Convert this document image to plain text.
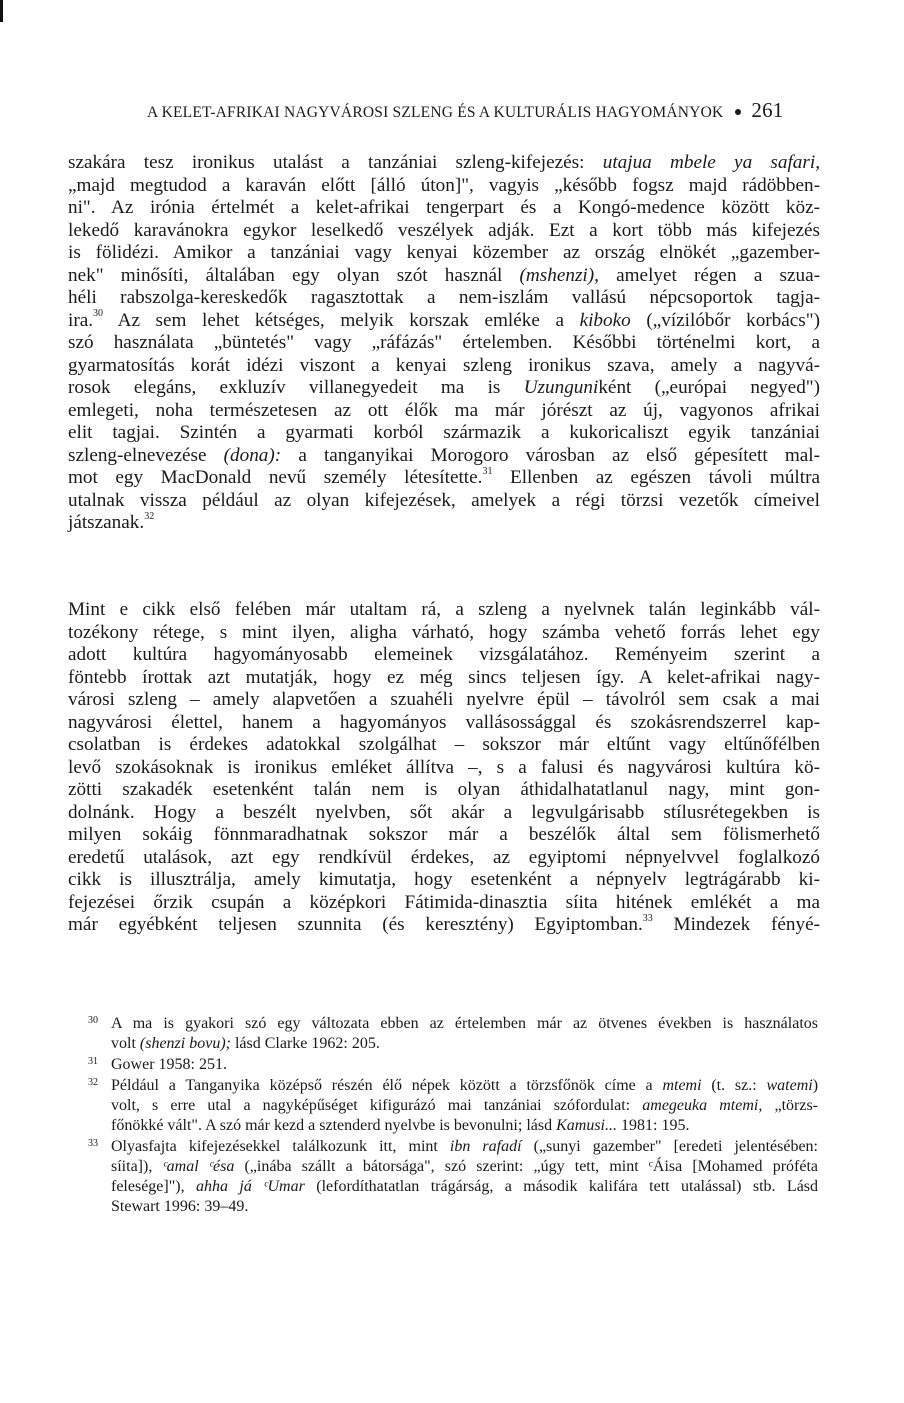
A KELET-AFRIKAI NAGYVÁROSI SZLENG ÉS A KULTURÁLIS HAGYOMÁNYOK 261
szakára tesz ironikus utalást a tanzániai szleng-kifejezés: utajua mbele ya safari,
„majd megtudod a karaván előtt [álló úton]", vagyis „később fogsz majd rádöbben-
ni". Az irónia értelmét a kelet-afrikai tengerpart és a Kongó-medence között köz-
lekedő karavánokra egykor leselkedő veszélyek adják. Ezt a kort több más kifejezés
is fölidézi. Amikor a tanzániai vagy kenyai közember az ország elnökét „gazember-
nek" minősíti, általában egy olyan szót használ (mshenzi), amelyet régen a szua-
héli rabszolga-kereskedők ragasztottak a nem-iszlám vallású népcsoportok tagja-
ira.$^{30}$ Az sem lehet kétséges, melyik korszak emléke a kiboko („vízilóbőr korbács")
szó használata „büntetés" vagy „ráfázás" értelemben. Későbbi történelmi kort, a
gyarmatosítás korát idézi viszont a kenyai szleng ironikus szava, amely a nagyvá-
rosok elegáns, exkluzív villanegyedeit ma is Uzunguniként („európai negyed")
emlegeti, noha természetesen az ott élők ma már jórészt az új, vagyonos afrikai
elit tagjai. Szintén a gyarmati korból származik a kukoricaliszt egyik tanzániai
szleng-elnevezése (dona): a tanganyikai Morogoro városban az első gépesített mal-
mot egy MacDonald nevű személy létesítette.$^{31}$ Ellenben az egészen távoli múltra
utalnak vissza például az olyan kifejezések, amelyek a régi törzsi vezetők címeivel
játszanak.$^{32}$
Mint e cikk első felében már utaltam rá, a szleng a nyelvnek talán leginkább vál-
tozékony rétege, s mint ilyen, aligha várható, hogy számba vehető forrás lehet egy
adott kultúra hagyományosabb elemeinek vizsgálatához. Reményeim szerint a
föntebb írottak azt mutatják, hogy ez még sincs teljesen így. A kelet-afrikai nagy-
városi szleng – amely alapvetően a szuahéli nyelvre épül – távolról sem csak a mai
nagyvárosi élettel, hanem a hagyományos vallásossággal és szokásrendszerrel kap-
csolatban is érdekes adatokkal szolgálhat – sokszor már eltűnt vagy eltűnőfélben
levő szokásoknak is ironikus emléket állítva –, s a falusi és nagyvárosi kultúra kö-
zötti szakadék esetenként talán nem is olyan áthidalhatatlanul nagy, mint gon-
dolnánk. Hogy a beszélt nyelvben, sőt akár a legvulgárisabb stílusrétegekben is
milyen sokáig fönnmaradhatnak sokszor már a beszélők által sem fölismerhető
eredetű utalások, azt egy rendkívül érdekes, az egyiptomi népnyelvvel foglalkozó
cikk is illusztrálja, amely kimutatja, hogy esetenként a népnyelv legtrágárabb ki-
fejezései őrzik csupán a középkori Fátimida-dinasztia síita hitének emlékét a ma
már egyébként teljesen szunnita (és keresztény) Egyiptomban.$^{33}$ Mindezek fényé-
30 A ma is gyakori szó egy változata ebben az értelemben már az ötvenes években is használatos
volt (shenzi bovu); lásd Clarke 1962: 205.
31 Gower 1958: 251.
32 Például a Tanganyika középső részén élő népek között a törzsfőnök címe a mtemi (t. sz.: watemi)
volt, s erre utal a nagyképűséget kifigurázó mai tanzániai szófordulat: amegeuka mtemi, „törzs-
főnökké vált". A szó már kezd a sztenderd nyelvbe is bevonulni; lásd Kamusi... 1981: 195.
33 Olyasfajta kifejezésekkel találkozunk itt, mint ibn rafadí („sunyi gazember" [eredeti jelentésében:
síita]), ᶜamal ᶜésa („inába szállt a bátorsága", szó szerint: „úgy tett, mint ᶜÁisa [Mohamed próféta
felesége]"), ahha já ᶜUmar (lefordíthatatlan trágárság, a második kalifára tett utalással) stb. Lásd
Stewart 1996: 39–49.
